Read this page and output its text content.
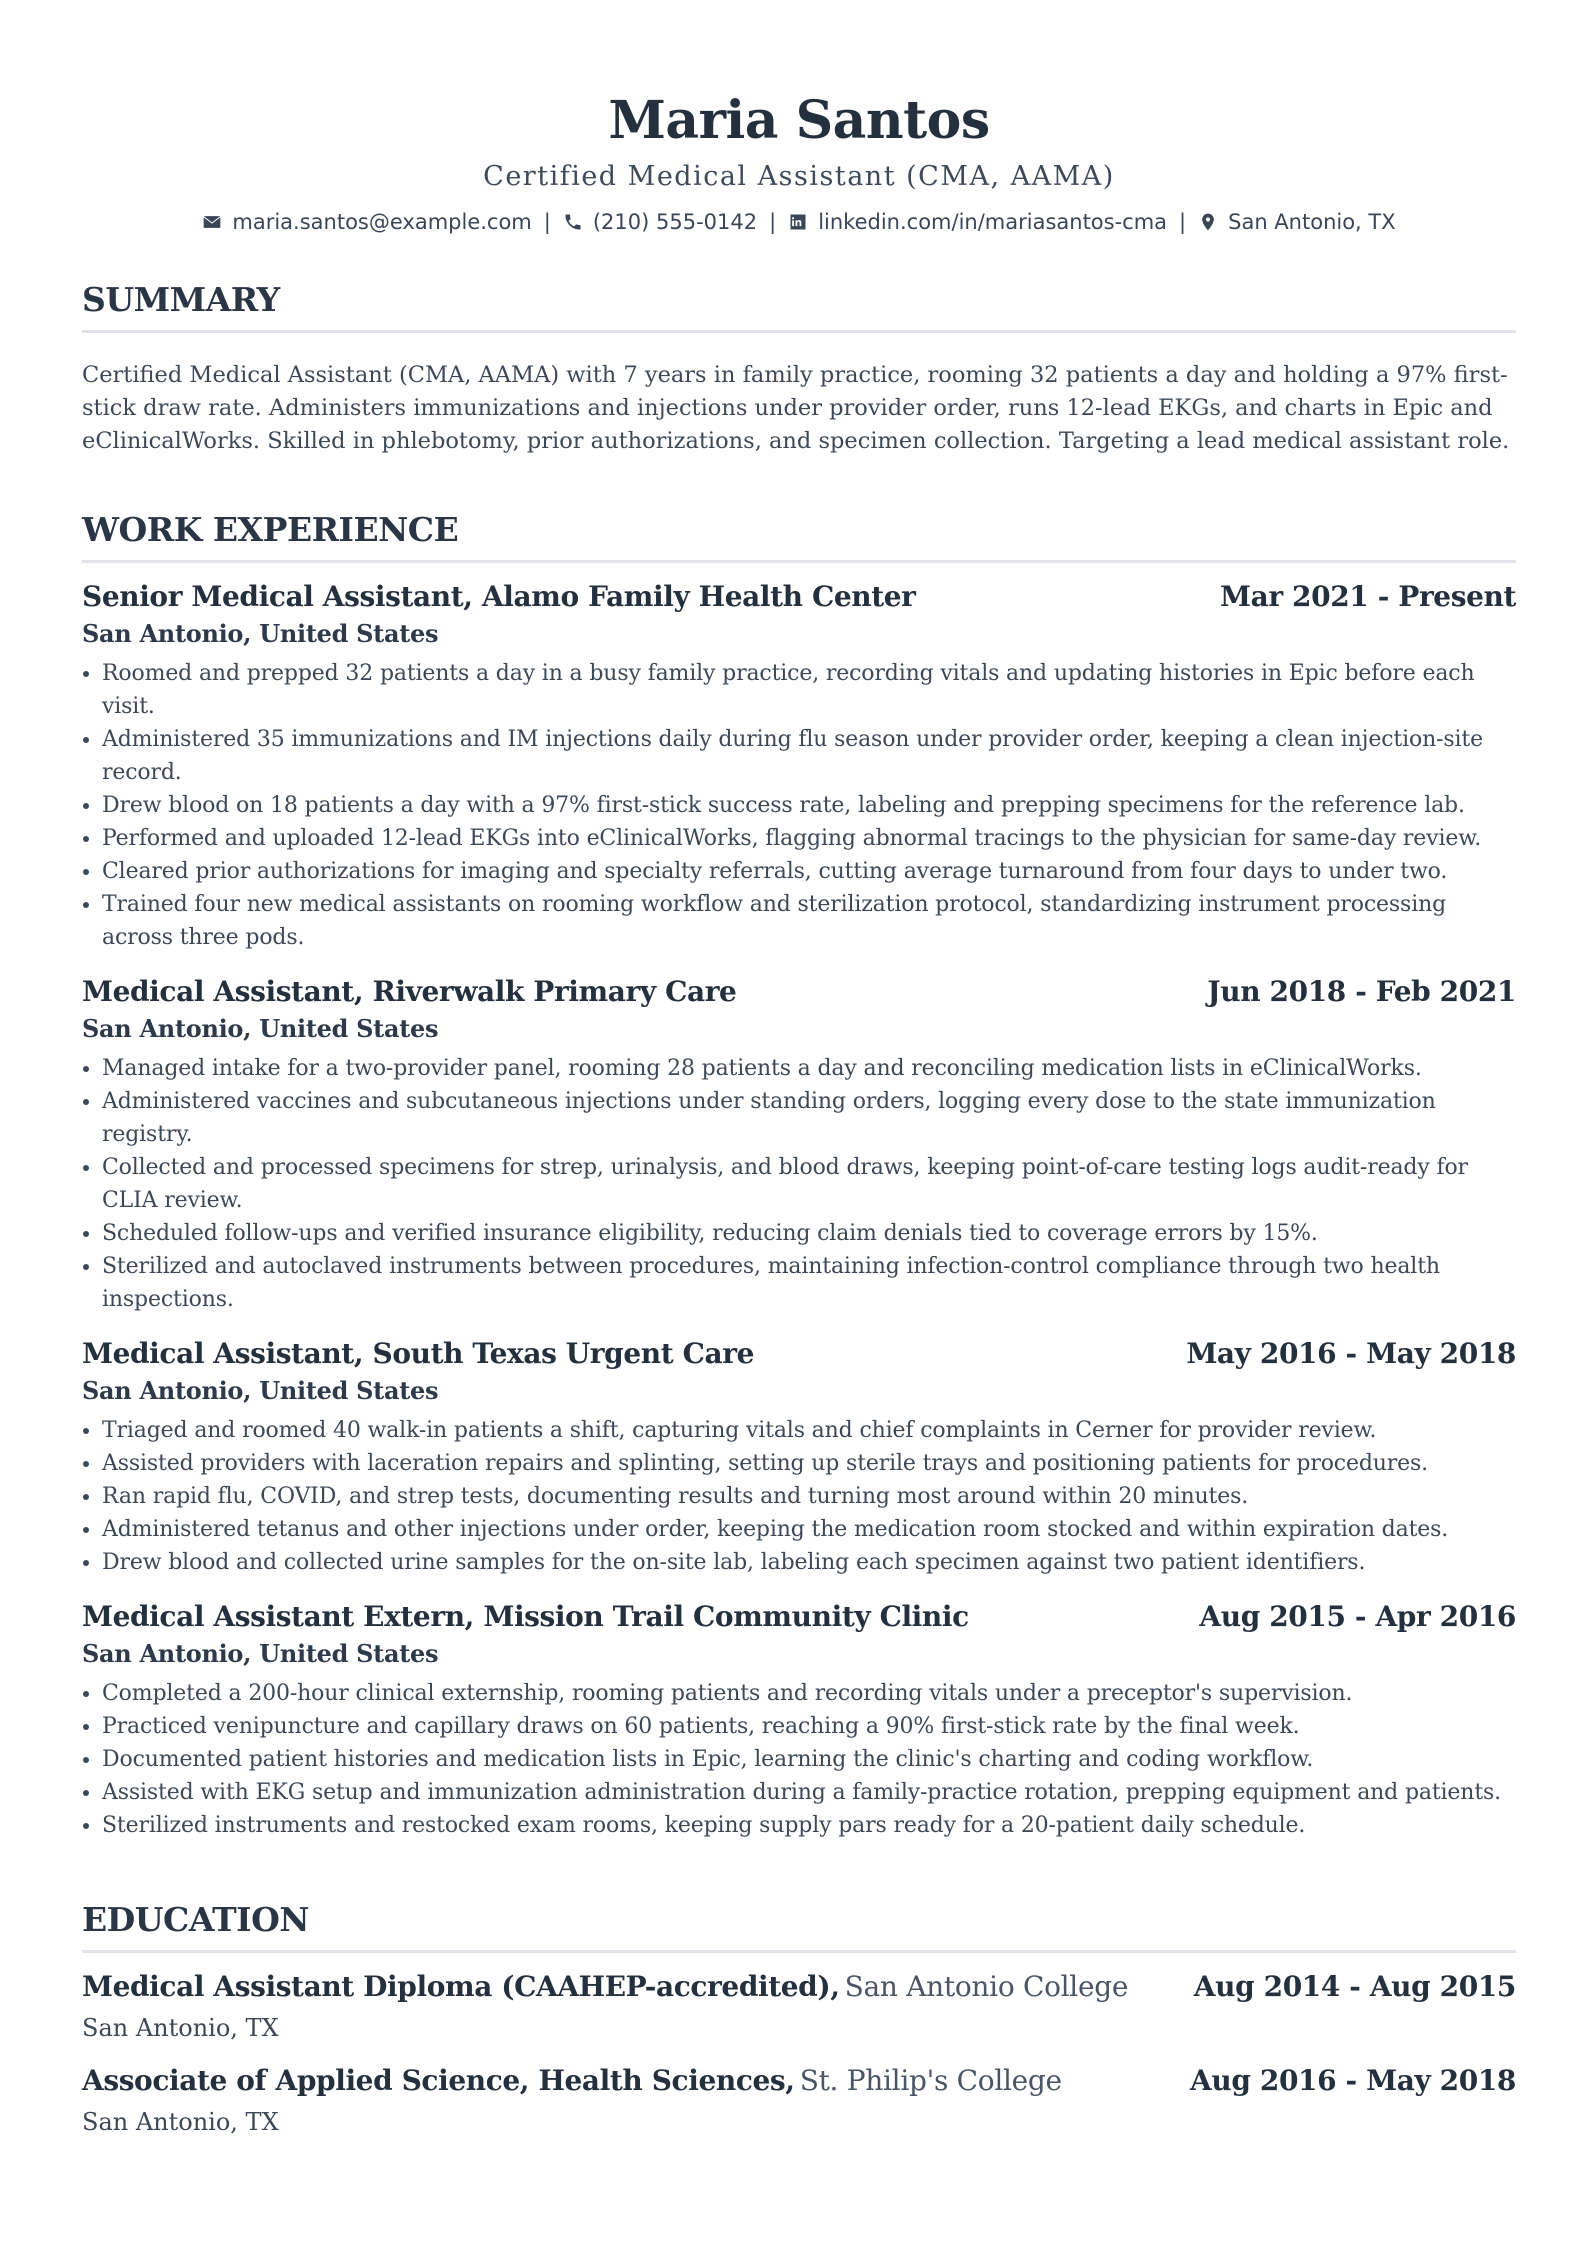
Maria Santos
Certified Medical Assistant (CMA, AAMA)
maria.santos@example.com | (210) 555-0142 | linkedin.com/in/mariasantos-cma | San Antonio, TX
SUMMARY
Certified Medical Assistant (CMA, AAMA) with 7 years in family practice, rooming 32 patients a day and holding a 97% first-stick draw rate. Administers immunizations and injections under provider order, runs 12-lead EKGs, and charts in Epic and eClinicalWorks. Skilled in phlebotomy, prior authorizations, and specimen collection. Targeting a lead medical assistant role.
WORK EXPERIENCE
Senior Medical Assistant, Alamo Family Health Center	Mar 2021 - Present
San Antonio, United States
• Roomed and prepped 32 patients a day in a busy family practice, recording vitals and updating histories in Epic before each visit.
• Administered 35 immunizations and IM injections daily during flu season under provider order, keeping a clean injection-site record.
• Drew blood on 18 patients a day with a 97% first-stick success rate, labeling and prepping specimens for the reference lab.
• Performed and uploaded 12-lead EKGs into eClinicalWorks, flagging abnormal tracings to the physician for same-day review.
• Cleared prior authorizations for imaging and specialty referrals, cutting average turnaround from four days to under two.
• Trained four new medical assistants on rooming workflow and sterilization protocol, standardizing instrument processing across three pods.
Medical Assistant, Riverwalk Primary Care	Jun 2018 - Feb 2021
San Antonio, United States
• Managed intake for a two-provider panel, rooming 28 patients a day and reconciling medication lists in eClinicalWorks.
• Administered vaccines and subcutaneous injections under standing orders, logging every dose to the state immunization registry.
• Collected and processed specimens for strep, urinalysis, and blood draws, keeping point-of-care testing logs audit-ready for CLIA review.
• Scheduled follow-ups and verified insurance eligibility, reducing claim denials tied to coverage errors by 15%.
• Sterilized and autoclaved instruments between procedures, maintaining infection-control compliance through two health inspections.
Medical Assistant, South Texas Urgent Care	May 2016 - May 2018
San Antonio, United States
• Triaged and roomed 40 walk-in patients a shift, capturing vitals and chief complaints in Cerner for provider review.
• Assisted providers with laceration repairs and splinting, setting up sterile trays and positioning patients for procedures.
• Ran rapid flu, COVID, and strep tests, documenting results and turning most around within 20 minutes.
• Administered tetanus and other injections under order, keeping the medication room stocked and within expiration dates.
• Drew blood and collected urine samples for the on-site lab, labeling each specimen against two patient identifiers.
Medical Assistant Extern, Mission Trail Community Clinic	Aug 2015 - Apr 2016
San Antonio, United States
• Completed a 200-hour clinical externship, rooming patients and recording vitals under a preceptor's supervision.
• Practiced venipuncture and capillary draws on 60 patients, reaching a 90% first-stick rate by the final week.
• Documented patient histories and medication lists in Epic, learning the clinic's charting and coding workflow.
• Assisted with EKG setup and immunization administration during a family-practice rotation, prepping equipment and patients.
• Sterilized instruments and restocked exam rooms, keeping supply pars ready for a 20-patient daily schedule.
EDUCATION
Medical Assistant Diploma (CAAHEP-accredited), San Antonio College Aug 2014 - Aug 2015
San Antonio, TX
Associate of Applied Science, Health Sciences, St. Philip's College	Aug 2016 - May 2018
San Antonio, TX
